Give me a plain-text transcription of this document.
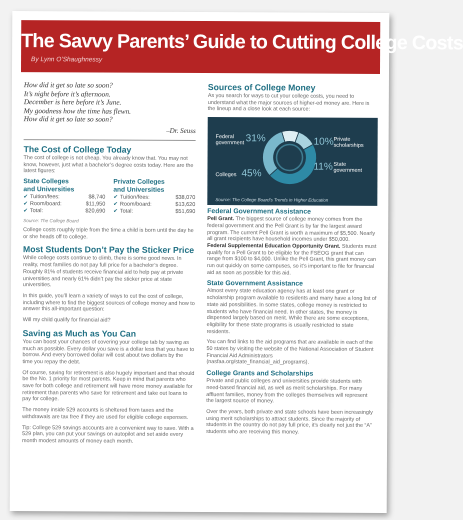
The Savvy Parents’ Guide to Cutting College Costs
By Lynn O’Shaughnessy
How did it get so late so soon?
It’s night before it’s afternoon.
December is here before it’s June.
My goodness how the time has flewn.
How did it get so late so soon?
–Dr. Seuss
The Cost of College Today

The cost of college is not cheap. You already know that. You may not know, however, just what a bachelor’s degree costs today. Here are the latest figures:

State Colleges
and Universities
✔ Tuition/fees:	$8,740
✔ Room/board:	$11,950
✔ Total:	$20,690
Private Colleges
and Universities
✔ Tuition/fees:	$38,070
✔ Room/board:	$13,620
✔ Total:	$51,690
Source: The College Board

College costs roughly triple from the time a child is born until the day he or she heads off to college.

Most Students Don’t Pay the Sticker Price

While college costs continue to climb, there is some good news. In reality, most families do not pay full price for a bachelor’s degree. Roughly 81% of students receive financial aid to help pay at private universities and nearly 61% didn’t pay the sticker price at state universities.

In this guide, you’ll learn a variety of ways to cut the cost of college, including where to find the biggest sources of college money and how to answer this all-important question:

Will my child qualify for financial aid?

Saving as Much as You Can

You can boost your chances of covering your college tab by saving as much as possible. Every dollar you save is a dollar less that you have to borrow. And every borrowed dollar will cost about two dollars by the time you repay the debt.

Of course, saving for retirement is also hugely important and that should be the No. 1 priority for most parents. Keep in mind that parents who save for both college and retirement will have more money available for retirement than parents who save for retirement and take out loans to pay for college.

The money inside 529 accounts is sheltered from taxes and the withdrawals are tax free if they are used for eligible college expenses.

Tip: College 529 savings accounts are a convenient way to save. With a 529 plan, you can put your savings on autopilot and set aside every month modest amounts of money each month.

Sources of College Money

As you search for ways to cut your college costs, you need to understand what the major sources of higher-ed money are. Here is the lineup and a close look at each source:

Federal
government 31%
Colleges 45%
10% Private
scholarships
11% State
government
Source: The College Board’s Trends in Higher Education
Federal Government Assistance

Pell Grant. The biggest source of college money comes from the federal government and the Pell Grant is by far the largest award program. The current Pell Grant is worth a maximum of $5,500. Nearly all grant recipients have household incomes under $50,000.

Federal Supplemental Education Opportunity Grant. Students must qualify for a Pell Grant to be eligible for the FSEOG grant that can range from $100 to $4,000. Unlike the Pell Grant, this grant money can run out quickly on some campuses, so it’s important to file for financial aid as soon as possible for this aid.

State Government Assistance

Almost every state education agency has at least one grant or scholarship program available to residents and many have a long list of state aid possibilities. In some states, college money is restricted to students who have financial need. In other states, the money is dispensed largely based on merit. While there are some exceptions, eligibility for these state programs is usually restricted to state residents.

You can find links to the aid programs that are available in each of the 50 states by visiting the website of the National Association of Student Financial Aid Administrators (nasfaa.org/state_financial_aid_programs).

College Grants and Scholarships

Private and public colleges and universities provide students with need-based financial aid, as well as merit scholarships. For many affluent families, money from the colleges themselves will represent the largest source of money.

Over the years, both private and state schools have been increasingly using merit scholarships to attract students. Since the majority of students in the country do not pay full price, it’s clearly not just the “A” students who are receiving this money.
